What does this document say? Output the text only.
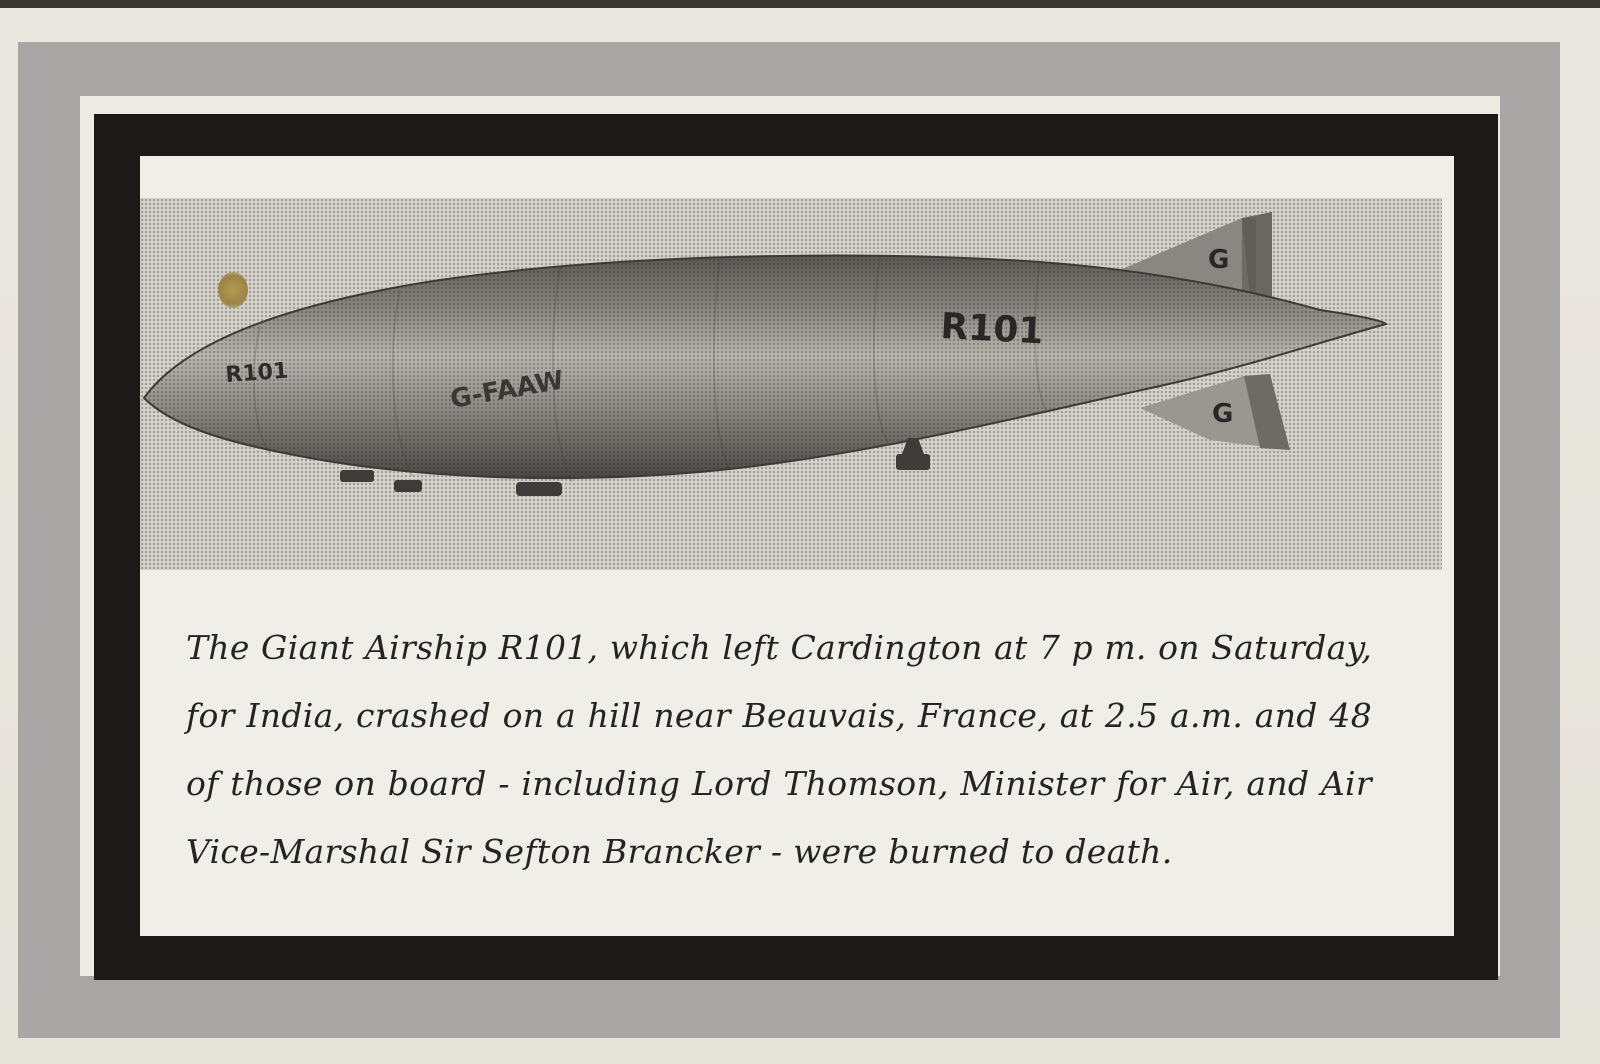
G
G
R101	G-FAAW
R101

The Giant Airship R101, which left Cardington at 7 p m. on Saturday, for India, crashed on a hill near Beauvais, France, at 2.5 a.m. and 48 of those on board - including Lord Thomson, Minister for Air, and Air Vice-Marshal Sir Sefton Brancker - were burned to death.
